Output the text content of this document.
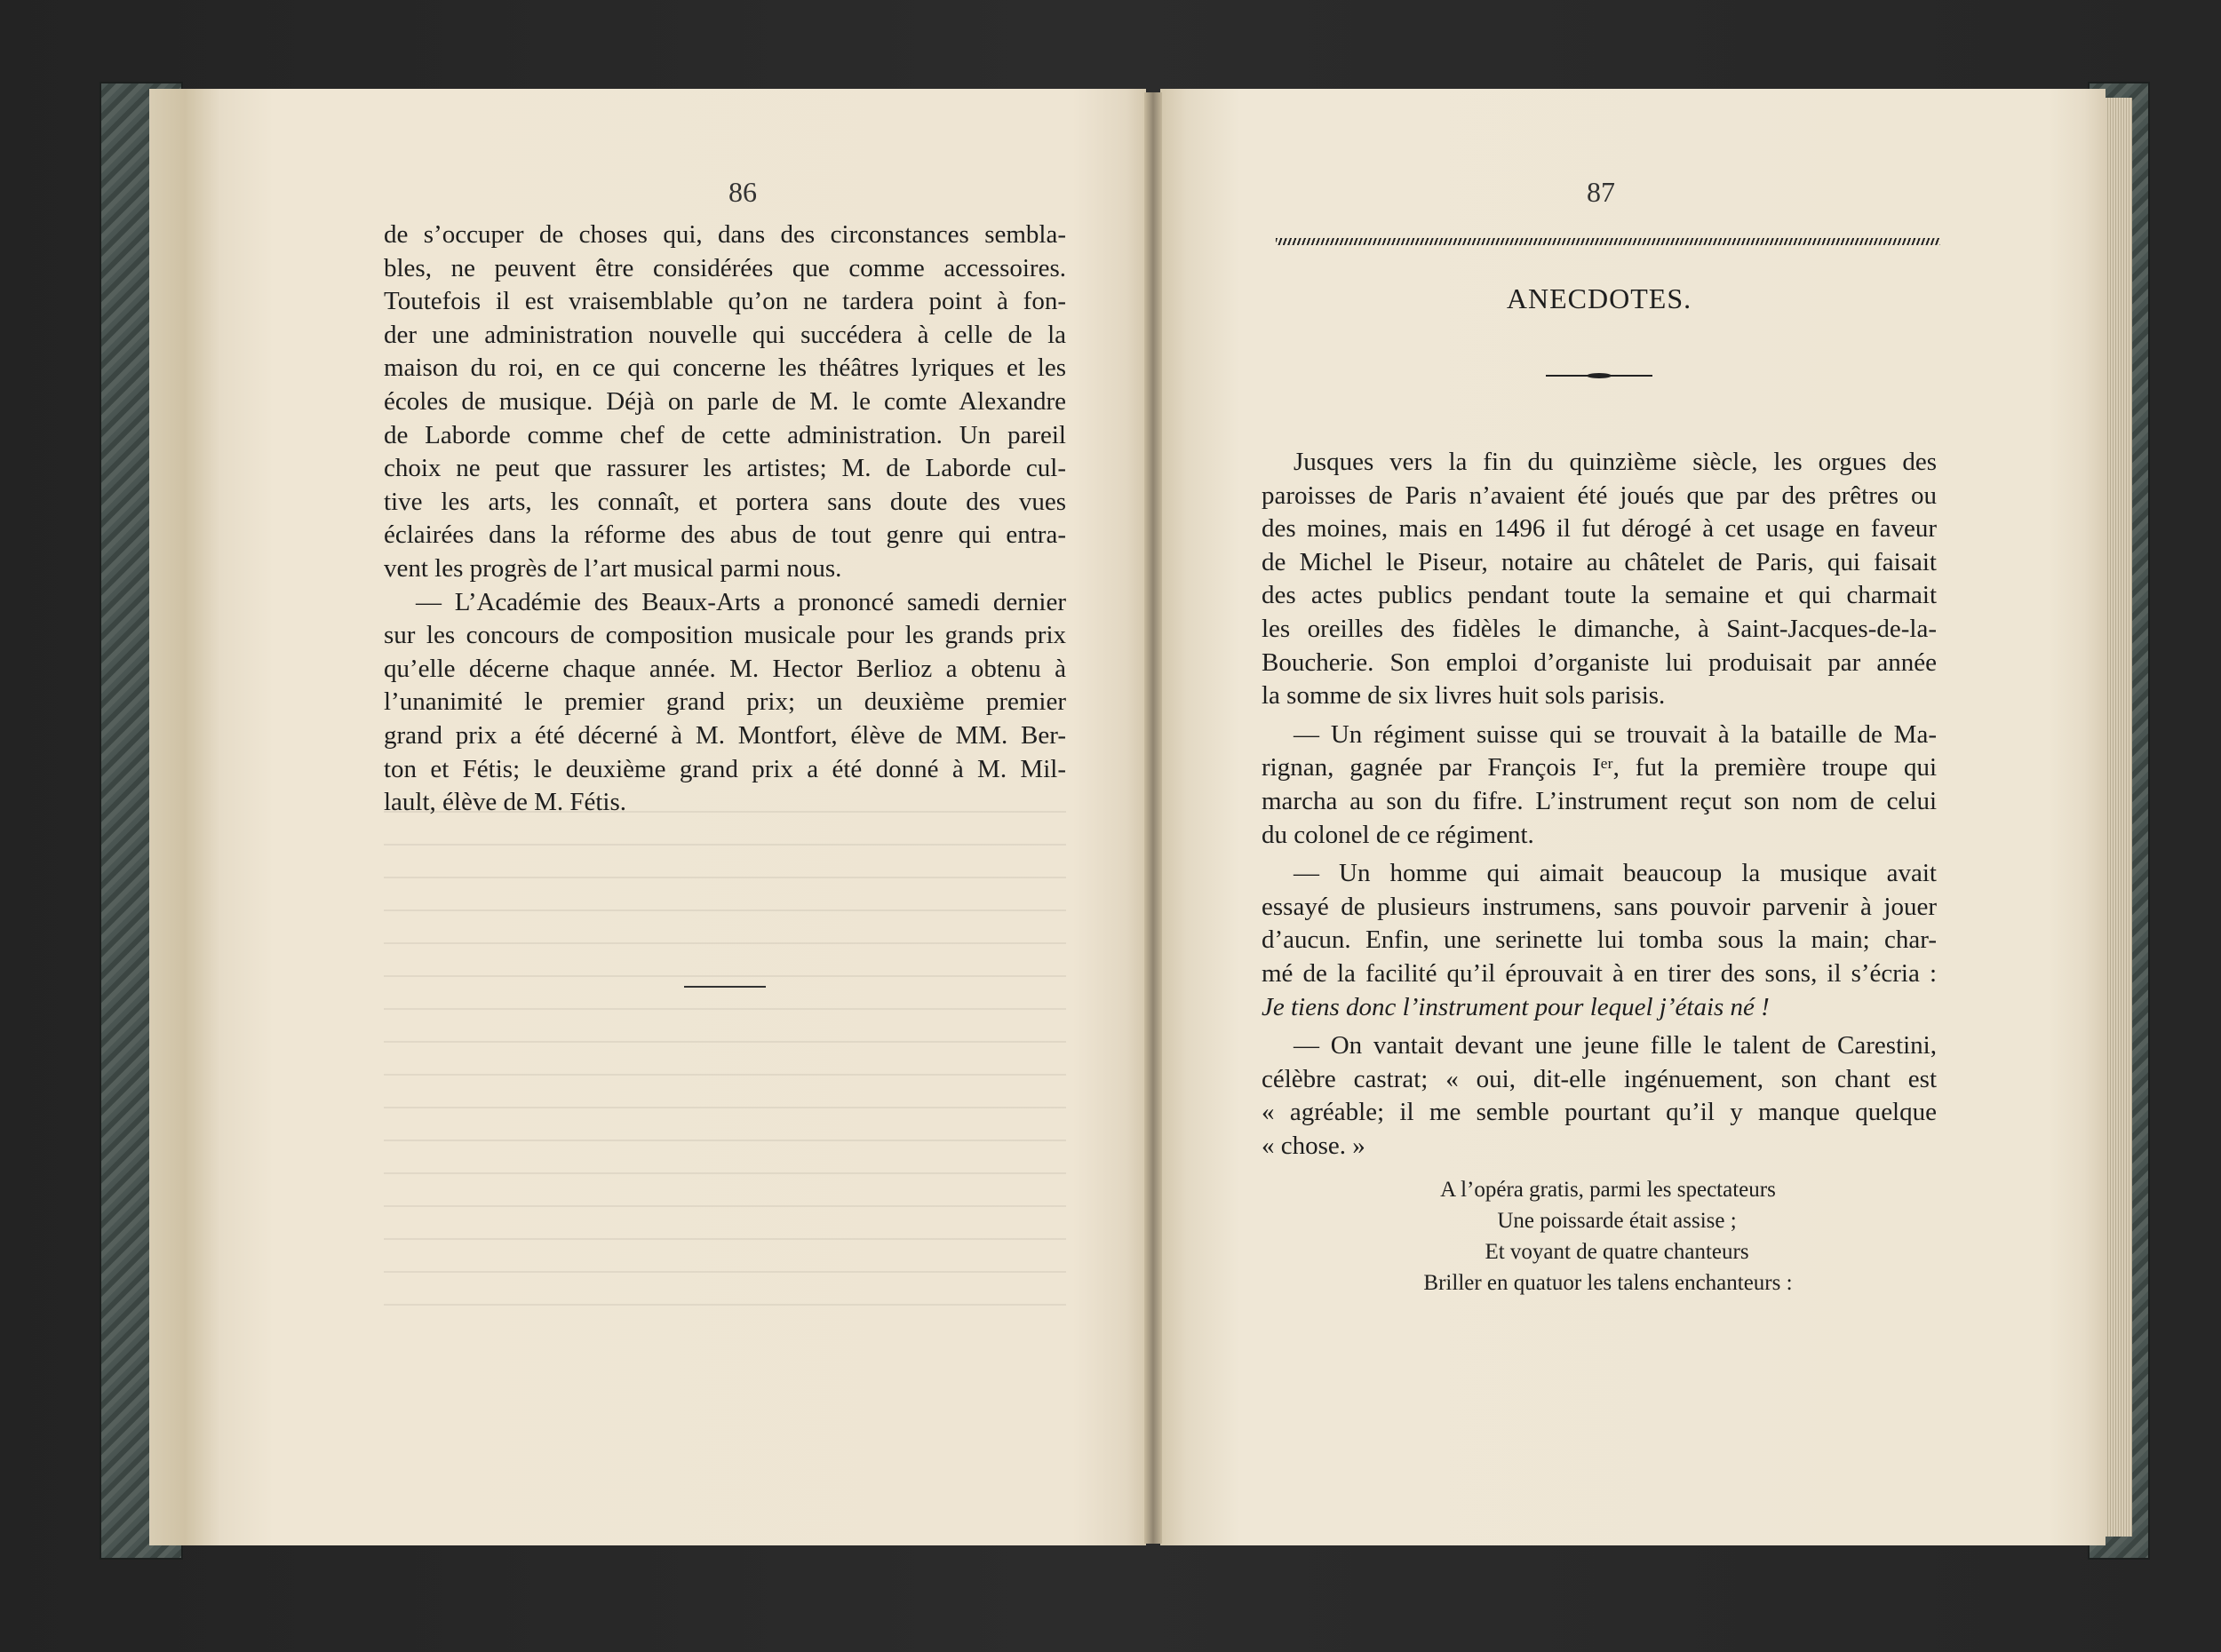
86
de s’occuper de choses qui, dans des circonstances sembla-
bles, ne peuvent être considérées que comme accessoires.
Toutefois il est vraisemblable qu’on ne tardera point à fon-
der une administration nouvelle qui succédera à celle de la
maison du roi, en ce qui concerne les théâtres lyriques et les
écoles de musique. Déjà on parle de M. le comte Alexandre
de Laborde comme chef de cette administration. Un pareil
choix ne peut que rassurer les artistes; M. de Laborde cul-
tive les arts, les connaît, et portera sans doute des vues
éclairées dans la réforme des abus de tout genre qui entra-
vent les progrès de l’art musical parmi nous.
— L’Académie des Beaux-Arts a prononcé samedi dernier
sur les concours de composition musicale pour les grands prix
qu’elle décerne chaque année. M. Hector Berlioz a obtenu à
l’unanimité le premier grand prix; un deuxième premier
grand prix a été décerné à M. Montfort, élève de MM. Ber-
ton et Fétis; le deuxième grand prix a été donné à M. Mil-
lault, élève de M. Fétis.
87
ANECDOTES.
Jusques vers la fin du quinzième siècle, les orgues des
paroisses de Paris n’avaient été joués que par des prêtres ou
des moines, mais en 1496 il fut dérogé à cet usage en faveur
de Michel le Piseur, notaire au châtelet de Paris, qui faisait
des actes publics pendant toute la semaine et qui charmait
les oreilles des fidèles le dimanche, à Saint-Jacques-de-la-
Boucherie. Son emploi d’organiste lui produisait par année
la somme de six livres huit sols parisis.
— Un régiment suisse qui se trouvait à la bataille de Ma-
rignan, gagnée par François Iᵉʳ, fut la première troupe qui
marcha au son du fifre. L’instrument reçut son nom de celui
du colonel de ce régiment.
— Un homme qui aimait beaucoup la musique avait
essayé de plusieurs instrumens, sans pouvoir parvenir à jouer
d’aucun. Enfin, une serinette lui tomba sous la main; char-
mé de la facilité qu’il éprouvait à en tirer des sons, il s’écria :
Je tiens donc l’instrument pour lequel j’étais né !
— On vantait devant une jeune fille le talent de Carestini,
célèbre castrat; « oui, dit-elle ingénuement, son chant est
« agréable; il me semble pourtant qu’il y manque quelque
« chose. »
A l’opéra gratis, parmi les spectateurs
Une poissarde était assise ;
Et voyant de quatre chanteurs
Briller en quatuor les talens enchanteurs :
